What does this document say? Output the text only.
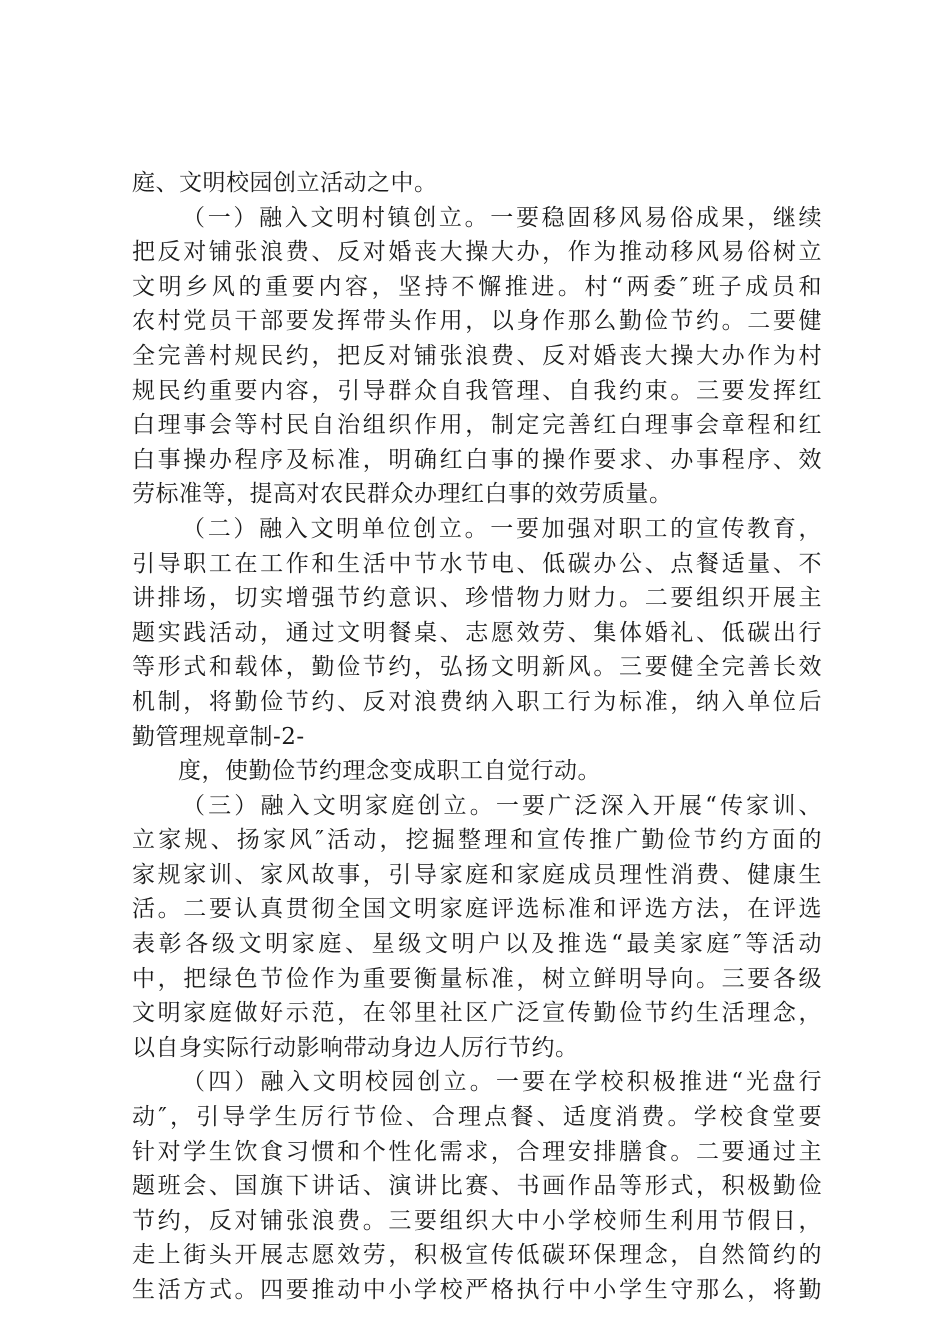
庭、文明校园创立活动之中。
（一）融入文明村镇创立。一要稳固移风易俗成果，继续
把反对铺张浪费、反对婚丧大操大办，作为推动移风易俗树立
文明乡风的重要内容，坚持不懈推进。村“两委″班子成员和
农村党员干部要发挥带头作用，以身作那么勤俭节约。二要健
全完善村规民约，把反对铺张浪费、反对婚丧大操大办作为村
规民约重要内容，引导群众自我管理、自我约束。三要发挥红
白理事会等村民自治组织作用，制定完善红白理事会章程和红
白事操办程序及标准，明确红白事的操作要求、办事程序、效
劳标准等，提高对农民群众办理红白事的效劳质量。
（二）融入文明单位创立。一要加强对职工的宣传教育，
引导职工在工作和生活中节水节电、低碳办公、点餐适量、不
讲排场，切实增强节约意识、珍惜物力财力。二要组织开展主
题实践活动，通过文明餐桌、志愿效劳、集体婚礼、低碳出行
等形式和载体，勤俭节约，弘扬文明新风。三要健全完善长效
机制，将勤俭节约、反对浪费纳入职工行为标准，纳入单位后
勤管理规章制-2-
度，使勤俭节约理念变成职工自觉行动。
（三）融入文明家庭创立。一要广泛深入开展“传家训、
立家规、扬家风″活动，挖掘整理和宣传推广勤俭节约方面的
家规家训、家风故事，引导家庭和家庭成员理性消费、健康生
活。二要认真贯彻全国文明家庭评选标准和评选方法，在评选
表彰各级文明家庭、星级文明户以及推选“最美家庭″等活动
中，把绿色节俭作为重要衡量标准，树立鲜明导向。三要各级
文明家庭做好示范，在邻里社区广泛宣传勤俭节约生活理念，
以自身实际行动影响带动身边人厉行节约。
（四）融入文明校园创立。一要在学校积极推进“光盘行
动″，引导学生厉行节俭、合理点餐、适度消费。学校食堂要
针对学生饮食习惯和个性化需求，合理安排膳食。二要通过主
题班会、国旗下讲话、演讲比赛、书画作品等形式，积极勤俭
节约，反对铺张浪费。三要组织大中小学校师生利用节假日，
走上街头开展志愿效劳，积极宣传低碳环保理念，自然简约的
生活方式。四要推动中小学校严格执行中小学生守那么，将勤
